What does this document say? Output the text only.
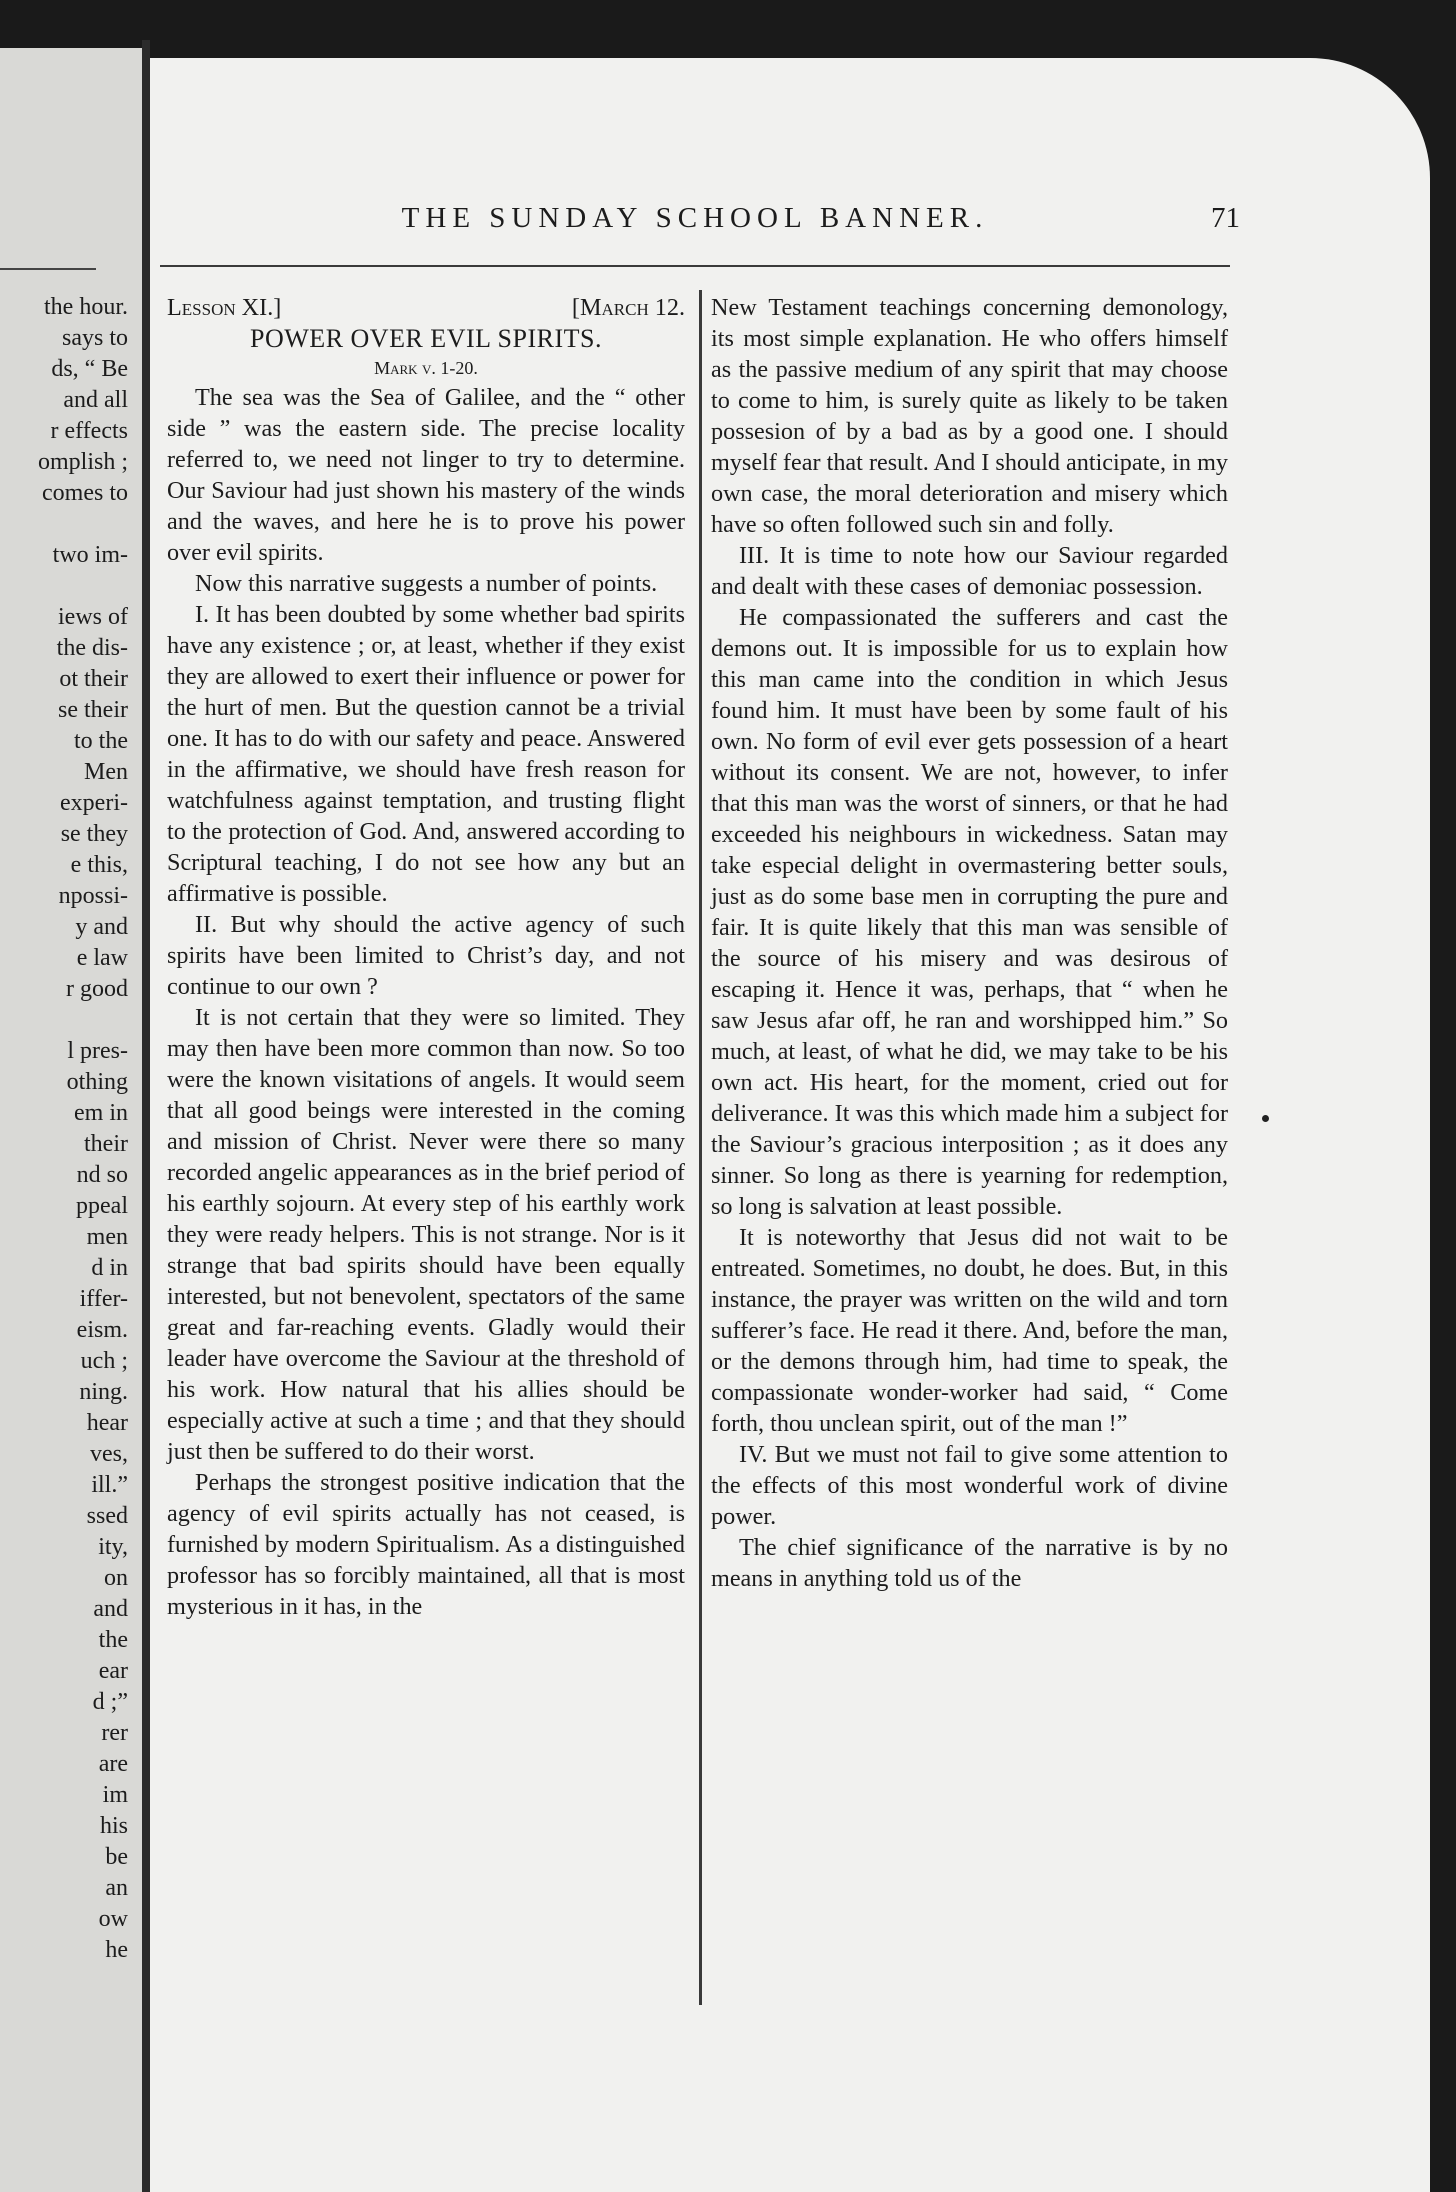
the hour.
says to
ds, “ Be
and all
r effects
omplish ;
comes to

two im-

iews of
the dis-
ot their
se their
to the
Men
experi-
se they
e this,
npossi-
y and
e law
r good

l pres-
othing
em in
their
nd so
ppeal
men
d in
iffer-
eism.
uch ;
ning.
hear
ves,
ill.”
ssed
ity,
on
and
the
ear
d ;”
rer
are
im
his
be
an
ow
he
THE SUNDAY SCHOOL BANNER.	71
Lesson XI.]	[March 12.
POWER OVER EVIL SPIRITS.
Mark v. 1-20.

The sea was the Sea of Galilee, and the “ other side ” was the eastern side. The precise locality referred to, we need not linger to try to determine. Our Saviour had just shown his mastery of the winds and the waves, and here he is to prove his power over evil spirits.

Now this narrative suggests a number of points.

I. It has been doubted by some whether bad spirits have any existence ; or, at least, whether if they exist they are allowed to exert their influence or power for the hurt of men. But the question cannot be a trivial one. It has to do with our safety and peace. Answered in the affirmative, we should have fresh reason for watchfulness against temptation, and trusting flight to the protection of God. And, answered according to Scriptural teaching, I do not see how any but an affirmative is possible.

II. But why should the active agency of such spirits have been limited to Christ’s day, and not continue to our own ?

It is not certain that they were so limited. They may then have been more common than now. So too were the known visitations of angels. It would seem that all good beings were interested in the coming and mission of Christ. Never were there so many recorded angelic appearances as in the brief period of his earthly sojourn. At every step of his earthly work they were ready helpers. This is not strange. Nor is it strange that bad spirits should have been equally interested, but not benevolent, spectators of the same great and far-reaching events. Gladly would their leader have overcome the Saviour at the threshold of his work. How natural that his allies should be especially active at such a time ; and that they should just then be suffered to do their worst.

Perhaps the strongest positive indication that the agency of evil spirits actually has not ceased, is furnished by modern Spiritualism. As a distinguished professor has so forcibly maintained, all that is most mysterious in it has, in the

New Testament teachings concerning demonology, its most simple explanation. He who offers himself as the passive medium of any spirit that may choose to come to him, is surely quite as likely to be taken possesion of by a bad as by a good one. I should myself fear that result. And I should anticipate, in my own case, the moral deterioration and misery which have so often followed such sin and folly.

III. It is time to note how our Saviour regarded and dealt with these cases of demoniac possession.

He compassionated the sufferers and cast the demons out. It is impossible for us to explain how this man came into the condition in which Jesus found him. It must have been by some fault of his own. No form of evil ever gets possession of a heart without its consent. We are not, however, to infer that this man was the worst of sinners, or that he had exceeded his neighbours in wickedness. Satan may take especial delight in overmastering better souls, just as do some base men in corrupting the pure and fair. It is quite likely that this man was sensible of the source of his misery and was desirous of escaping it. Hence it was, perhaps, that “ when he saw Jesus afar off, he ran and worshipped him.” So much, at least, of what he did, we may take to be his own act. His heart, for the moment, cried out for deliverance. It was this which made him a subject for the Saviour’s gracious interposition ; as it does any sinner. So long as there is yearning for redemption, so long is salvation at least possible.

It is noteworthy that Jesus did not wait to be entreated. Sometimes, no doubt, he does. But, in this instance, the prayer was written on the wild and torn sufferer’s face. He read it there. And, before the man, or the demons through him, had time to speak, the compassionate wonder-worker had said, “ Come forth, thou unclean spirit, out of the man !”

IV. But we must not fail to give some attention to the effects of this most wonderful work of divine power.

The chief significance of the narrative is by no means in anything told us of the
